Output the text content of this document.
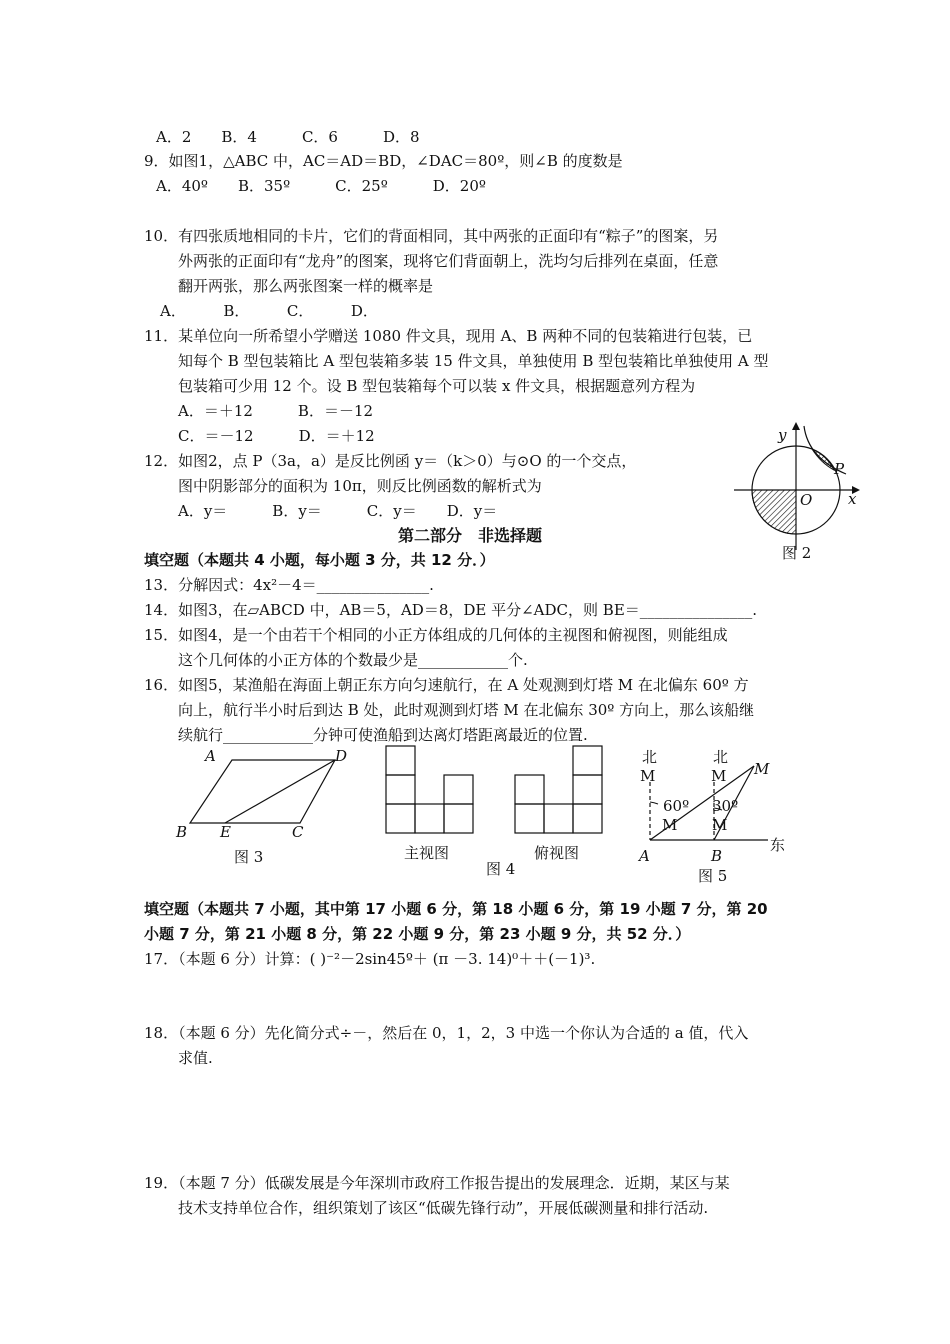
A．2　　B．4　　　C．6　　　D．8
9．如图1，△ABC 中，AC＝AD＝BD，∠DAC＝80º，则∠B 的度数是
A．40º　　B．35º　　　C．25º　　　D．20º
10．有四张质地相同的卡片，它们的背面相同，其中两张的正面印有“粽子”的图案，另
外两张的正面印有“龙舟”的图案，现将它们背面朝上，洗均匀后排列在桌面，任意
翻开两张，那么两张图案一样的概率是
A．　　　B．　　　C．　　　D．
11．某单位向一所希望小学赠送 1080 件文具，现用 A、B 两种不同的包装箱进行包装，已
知每个 B 型包装箱比 A 型包装箱多装 15 件文具，单独使用 B 型包装箱比单独使用 A 型
包装箱可少用 12 个。设 B 型包装箱每个可以装 x 件文具，根据题意列方程为
A．＝＋12　　　B．＝－12
C．＝－12　　　D．＝＋12
12．如图2，点 P（3a，a）是反比例函 y＝（k＞0）与⊙O 的一个交点，
图中阴影部分的面积为 10π，则反比例函数的解析式为
A．y＝　　　B．y＝　　　C．y＝　　D．y＝
y
x
O
P
图 2
第二部分　非选择题
填空题（本题共 4 小题，每小题 3 分，共 12 分．）
13．分解因式：4x²－4＝_______________.
14．如图3，在▱ABCD 中，AB＝5，AD＝8，DE 平分∠ADC，则 BE＝_______________.
15．如图4，是一个由若干个相同的小正方体组成的几何体的主视图和俯视图，则能组成
这个几何体的小正方体的个数最少是____________个.
16．如图5，某渔船在海面上朝正东方向匀速航行，在 A 处观测到灯塔 M 在北偏东 60º 方
向上，航行半小时后到达 B 处，此时观测到灯塔 M 在北偏东 30º 方向上，那么该船继
续航行____________分钟可使渔船到达离灯塔距离最近的位置.
A	D
B E	C
图 3	主视图	俯视图
图 4
北
M
北
M M
60º 30º
M M
A	B
东
图 5
填空题（本题共 7 小题，其中第 17 小题 6 分，第 18 小题 6 分，第 19 小题 7 分，第 20
小题 7 分，第 21 小题 8 分，第 22 小题 9 分，第 23 小题 9 分，共 52 分．）
17．（本题 6 分）计算：( )⁻²－2sin45º＋ (π －3. 14)⁰＋＋(－1)³.
18．（本题 6 分）先化简分式÷－，然后在 0，1，2，3 中选一个你认为合适的 a 值，代入
求值.
19．（本题 7 分）低碳发展是今年深圳市政府工作报告提出的发展理念．近期，某区与某
技术支持单位合作，组织策划了该区“低碳先锋行动”，开展低碳测量和排行活动.
